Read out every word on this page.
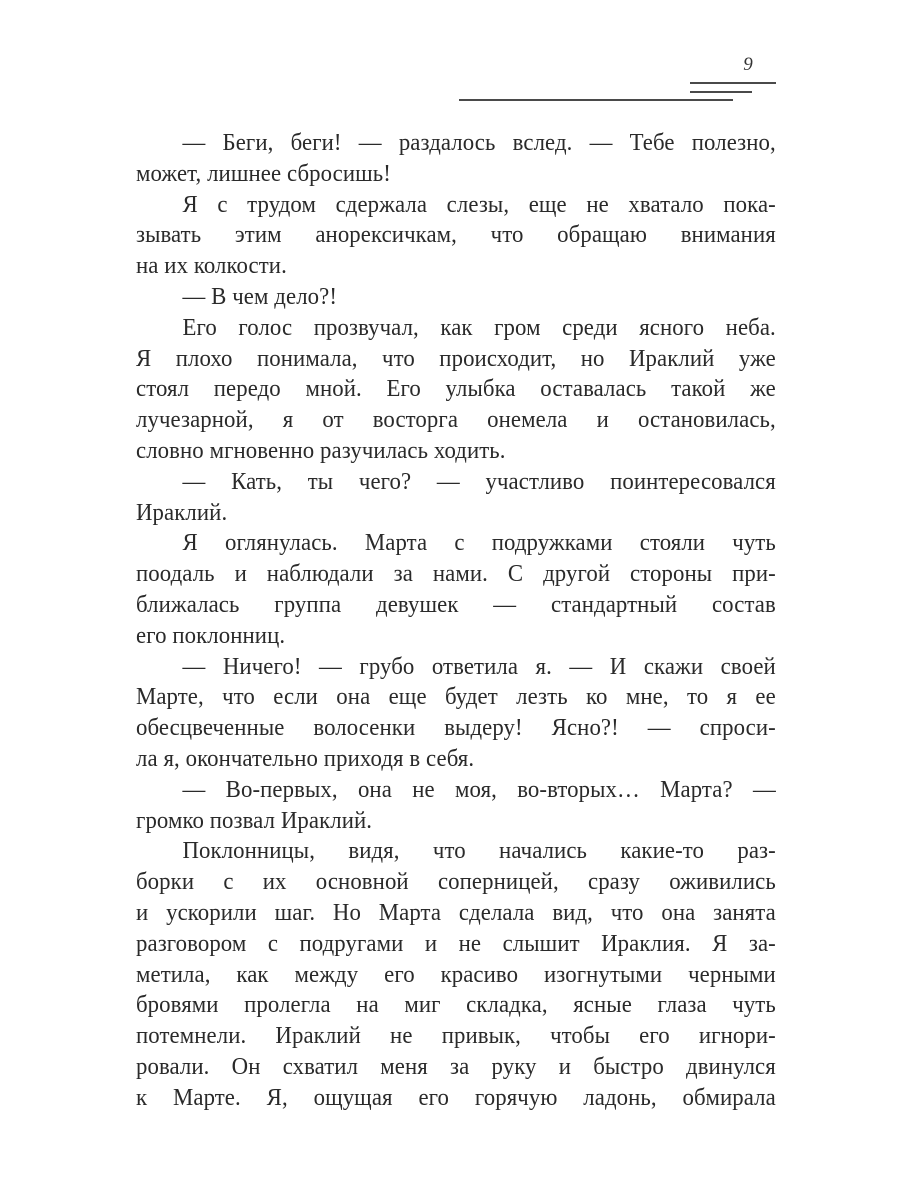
9
— Беги, беги! — раздалось вслед. — Тебе полезно,
может, лишнее сбросишь!
Я с трудом сдержала слезы, еще не хватало пока-
зывать этим анорексичкам, что обращаю внимания
на их колкости.
— В чем дело?!
Его голос прозвучал, как гром среди ясного неба.
Я плохо понимала, что происходит, но Ираклий уже
стоял передо мной. Его улыбка оставалась такой же
лучезарной, я от восторга онемела и остановилась,
словно мгновенно разучилась ходить.
— Кать, ты чего? — участливо поинтересовался
Ираклий.
Я оглянулась. Марта с подружками стояли чуть
поодаль и наблюдали за нами. С другой стороны при-
ближалась группа девушек — стандартный состав
его поклонниц.
— Ничего! — грубо ответила я. — И скажи своей
Марте, что если она еще будет лезть ко мне, то я ее
обесцвеченные волосенки выдеру! Ясно?! — спроси-
ла я, окончательно приходя в себя.
— Во-первых, она не моя, во-вторых… Марта? —
громко позвал Ираклий.
Поклонницы, видя, что начались какие-то раз-
борки с их основной соперницей, сразу оживились
и ускорили шаг. Но Марта сделала вид, что она занята
разговором с подругами и не слышит Ираклия. Я за-
метила, как между его красиво изогнутыми черными
бровями пролегла на миг складка, ясные глаза чуть
потемнели. Ираклий не привык, чтобы его игнори-
ровали. Он схватил меня за руку и быстро двинулся
к Марте. Я, ощущая его горячую ладонь, обмирала
